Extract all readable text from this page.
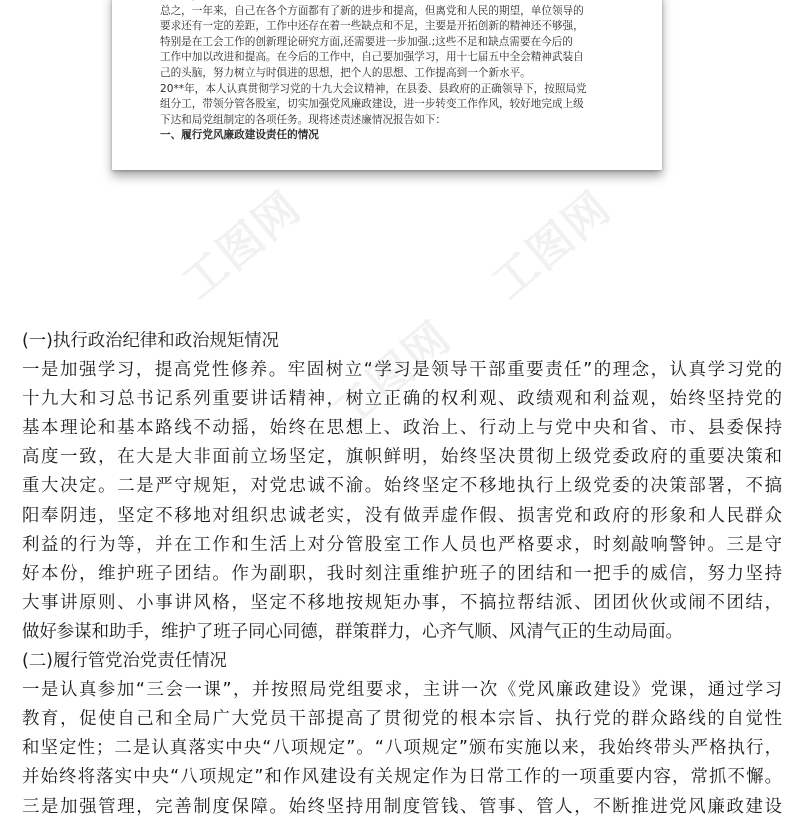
总之，一年来，自己在各个方面都有了新的进步和提高，但离党和人民的期望，单位领导的
要求还有一定的差距，工作中还存在着一些缺点和不足，主要是开拓创新的精神还不够强，
特别是在工会工作的创新理论研究方面,还需要进一步加强.;这些不足和缺点需要在今后的
工作中加以改进和提高。在今后的工作中，自己要加强学习，用十七届五中全会精神武装自
己的头脑，努力树立与时俱进的思想，把个人的思想、工作提高到一个新水平。
20**年，本人认真贯彻学习党的十九大会议精神，在县委、县政府的正确领导下，按照局党
组分工，带领分管各股室，切实加强党风廉政建设，进一步转变工作作风，较好地完成上级
下达和局党组制定的各项任务。现将述责述廉情况报告如下：
一、履行党风廉政建设责任的情况
工图网	工图网
工图网
(一)执行政治纪律和政治规矩情况
一是加强学习，提高党性修养。牢固树立“学习是领导干部重要责任”的理念，认真学习党的
十九大和习总书记系列重要讲话精神，树立正确的权利观、政绩观和利益观，始终坚持党的
基本理论和基本路线不动摇，始终在思想上、政治上、行动上与党中央和省、市、县委保持
高度一致，在大是大非面前立场坚定，旗帜鲜明，始终坚决贯彻上级党委政府的重要决策和
重大决定。二是严守规矩，对党忠诚不渝。始终坚定不移地执行上级党委的决策部署，不搞
阳奉阴违，坚定不移地对组织忠诚老实，没有做弄虚作假、损害党和政府的形象和人民群众
利益的行为等，并在工作和生活上对分管股室工作人员也严格要求，时刻敲响警钟。三是守
好本份，维护班子团结。作为副职，我时刻注重维护班子的团结和一把手的威信，努力坚持
大事讲原则、小事讲风格，坚定不移地按规矩办事，不搞拉帮结派、团团伙伙或闹不团结，
做好参谋和助手，维护了班子同心同德，群策群力，心齐气顺、风清气正的生动局面。
(二)履行管党治党责任情况
一是认真参加“三会一课”，并按照局党组要求，主讲一次《党风廉政建设》党课，通过学习
教育，促使自己和全局广大党员干部提高了贯彻党的根本宗旨、执行党的群众路线的自觉性
和坚定性；二是认真落实中央“八项规定”。“八项规定”颁布实施以来，我始终带头严格执行，
并始终将落实中央“八项规定”和作风建设有关规定作为日常工作的一项重要内容，常抓不懈。
三是加强管理，完善制度保障。始终坚持用制度管钱、管事、管人，不断推进党风廉政建设
